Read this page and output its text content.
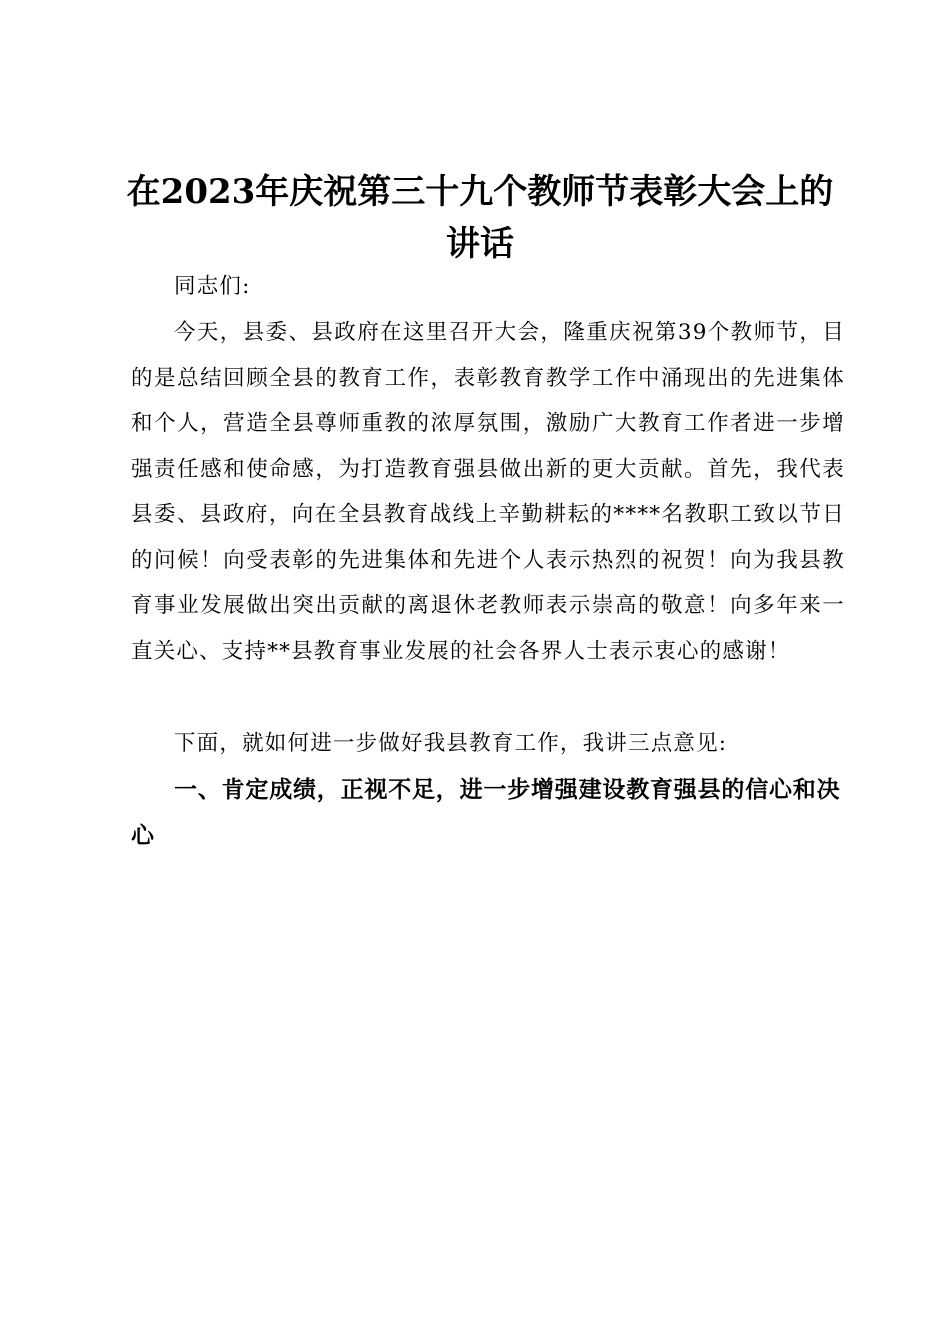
在2023年庆祝第三十九个教师节表彰大会上的讲话
同志们:
今天，县委、县政府在这里召开大会，隆重庆祝第39个教师节，目的是总结回顾全县的教育工作，表彰教育教学工作中涌现出的先进集体和个人，营造全县尊师重教的浓厚氛围，激励广大教育工作者进一步增强责任感和使命感，为打造教育强县做出新的更大贡献。首先，我代表县委、县政府，向在全县教育战线上辛勤耕耘的****名教职工致以节日的问候！向受表彰的先进集体和先进个人表示热烈的祝贺！向为我县教育事业发展做出突出贡献的离退休老教师表示崇高的敬意！向多年来一直关心、支持**县教育事业发展的社会各界人士表示衷心的感谢！
下面，就如何进一步做好我县教育工作，我讲三点意见:
一、肯定成绩，正视不足，进一步增强建设教育强县的信心和决心
